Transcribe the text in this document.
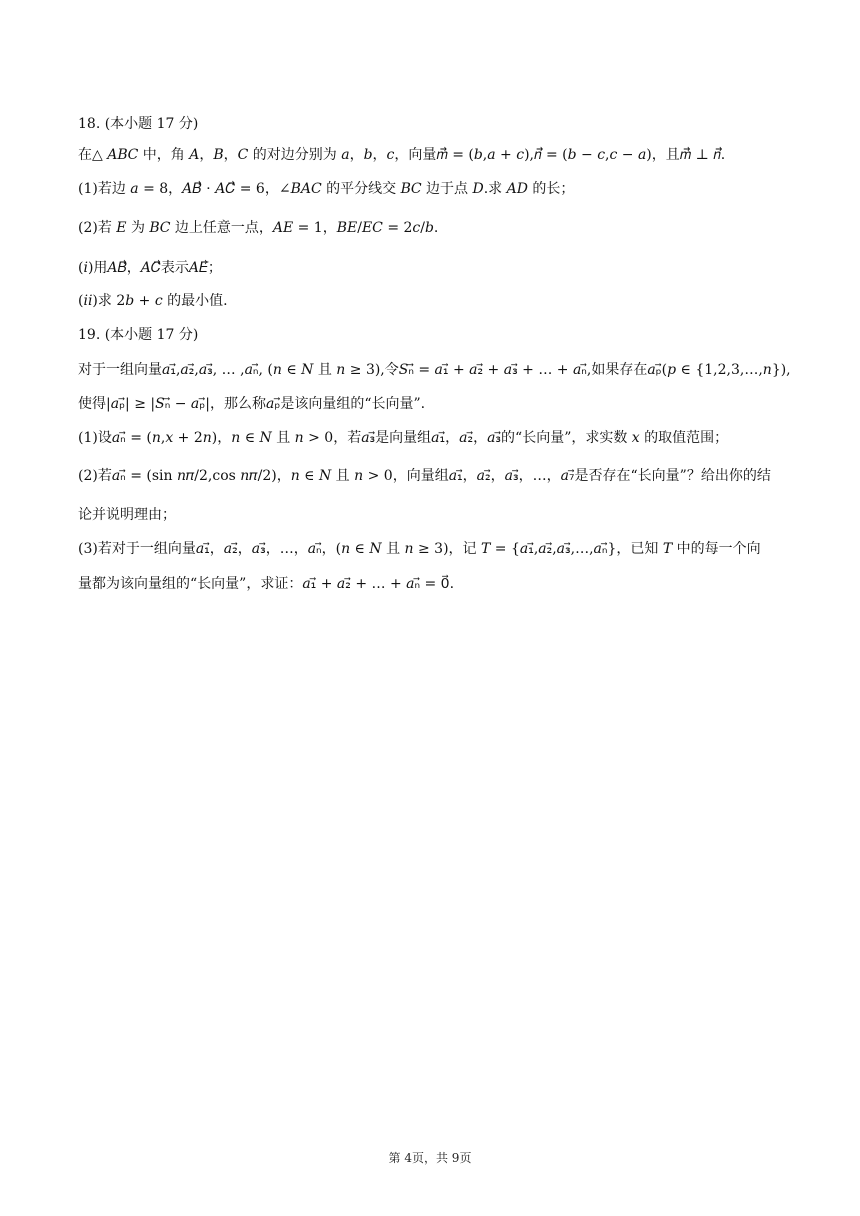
18. (本小题 17 分)
在△ 𝐴𝐵𝐶 中，角 𝐴，𝐵，𝐶 的对边分别为 𝑎，𝑏，𝑐，向量𝑚⃗ = (𝑏,𝑎 + 𝑐),𝑛⃗ = (𝑏 − 𝑐,𝑐 − 𝑎)，且𝑚⃗ ⊥ 𝑛⃗.
(1)若边 𝑎 = 8，𝐴𝐵⃗ ⋅ 𝐴𝐶⃗ = 6，∠𝐵𝐴𝐶 的平分线交 𝐵𝐶 边于点 𝐷.求 𝐴𝐷 的长；
(2)若 𝐸 为 𝐵𝐶 边上任意一点，𝐴𝐸 = 1，𝐵𝐸/𝐸𝐶 = 2𝑐/𝑏.
(𝑖)用𝐴𝐵⃗，𝐴𝐶⃗表示𝐴𝐸⃗；
(𝑖𝑖)求 2𝑏 + 𝑐 的最小值.
19. (本小题 17 分)
对于一组向量𝑎₁⃗,𝑎₂⃗,𝑎₃⃗, … ,𝑎ₙ⃗, (𝑛 ∈ 𝑁 且 𝑛 ≥ 3),令𝑆ₙ⃗ = 𝑎₁⃗ + 𝑎₂⃗ + 𝑎₃⃗ + … + 𝑎ₙ⃗,如果存在𝑎ₚ⃗(𝑝 ∈ {1,2,3,…,𝑛}),
使得|𝑎ₚ⃗| ≥ |𝑆ₙ⃗ − 𝑎ₚ⃗|，那么称𝑎ₚ⃗是该向量组的“长向量”.
(1)设𝑎ₙ⃗ = (𝑛,𝑥 + 2𝑛)，𝑛 ∈ 𝑁 且 𝑛 > 0，若𝑎₃⃗是向量组𝑎₁⃗，𝑎₂⃗，𝑎₃⃗的“长向量”，求实数 𝑥 的取值范围；
(2)若𝑎ₙ⃗ = (sin 𝑛𝜋/2,cos 𝑛𝜋/2)，𝑛 ∈ 𝑁 且 𝑛 > 0，向量组𝑎₁⃗，𝑎₂⃗，𝑎₃⃗，…，𝑎₇⃗是否存在“长向量”？给出你的结
论并说明理由；
(3)若对于一组向量𝑎₁⃗，𝑎₂⃗，𝑎₃⃗，…，𝑎ₙ⃗，(𝑛 ∈ 𝑁 且 𝑛 ≥ 3)，记 𝑇 = {𝑎₁⃗,𝑎₂⃗,𝑎₃⃗,…,𝑎ₙ⃗}，已知 𝑇 中的每一个向
量都为该向量组的“长向量”，求证：𝑎₁⃗ + 𝑎₂⃗ + … + 𝑎ₙ⃗ = 0⃗.
第 4页，共 9页
